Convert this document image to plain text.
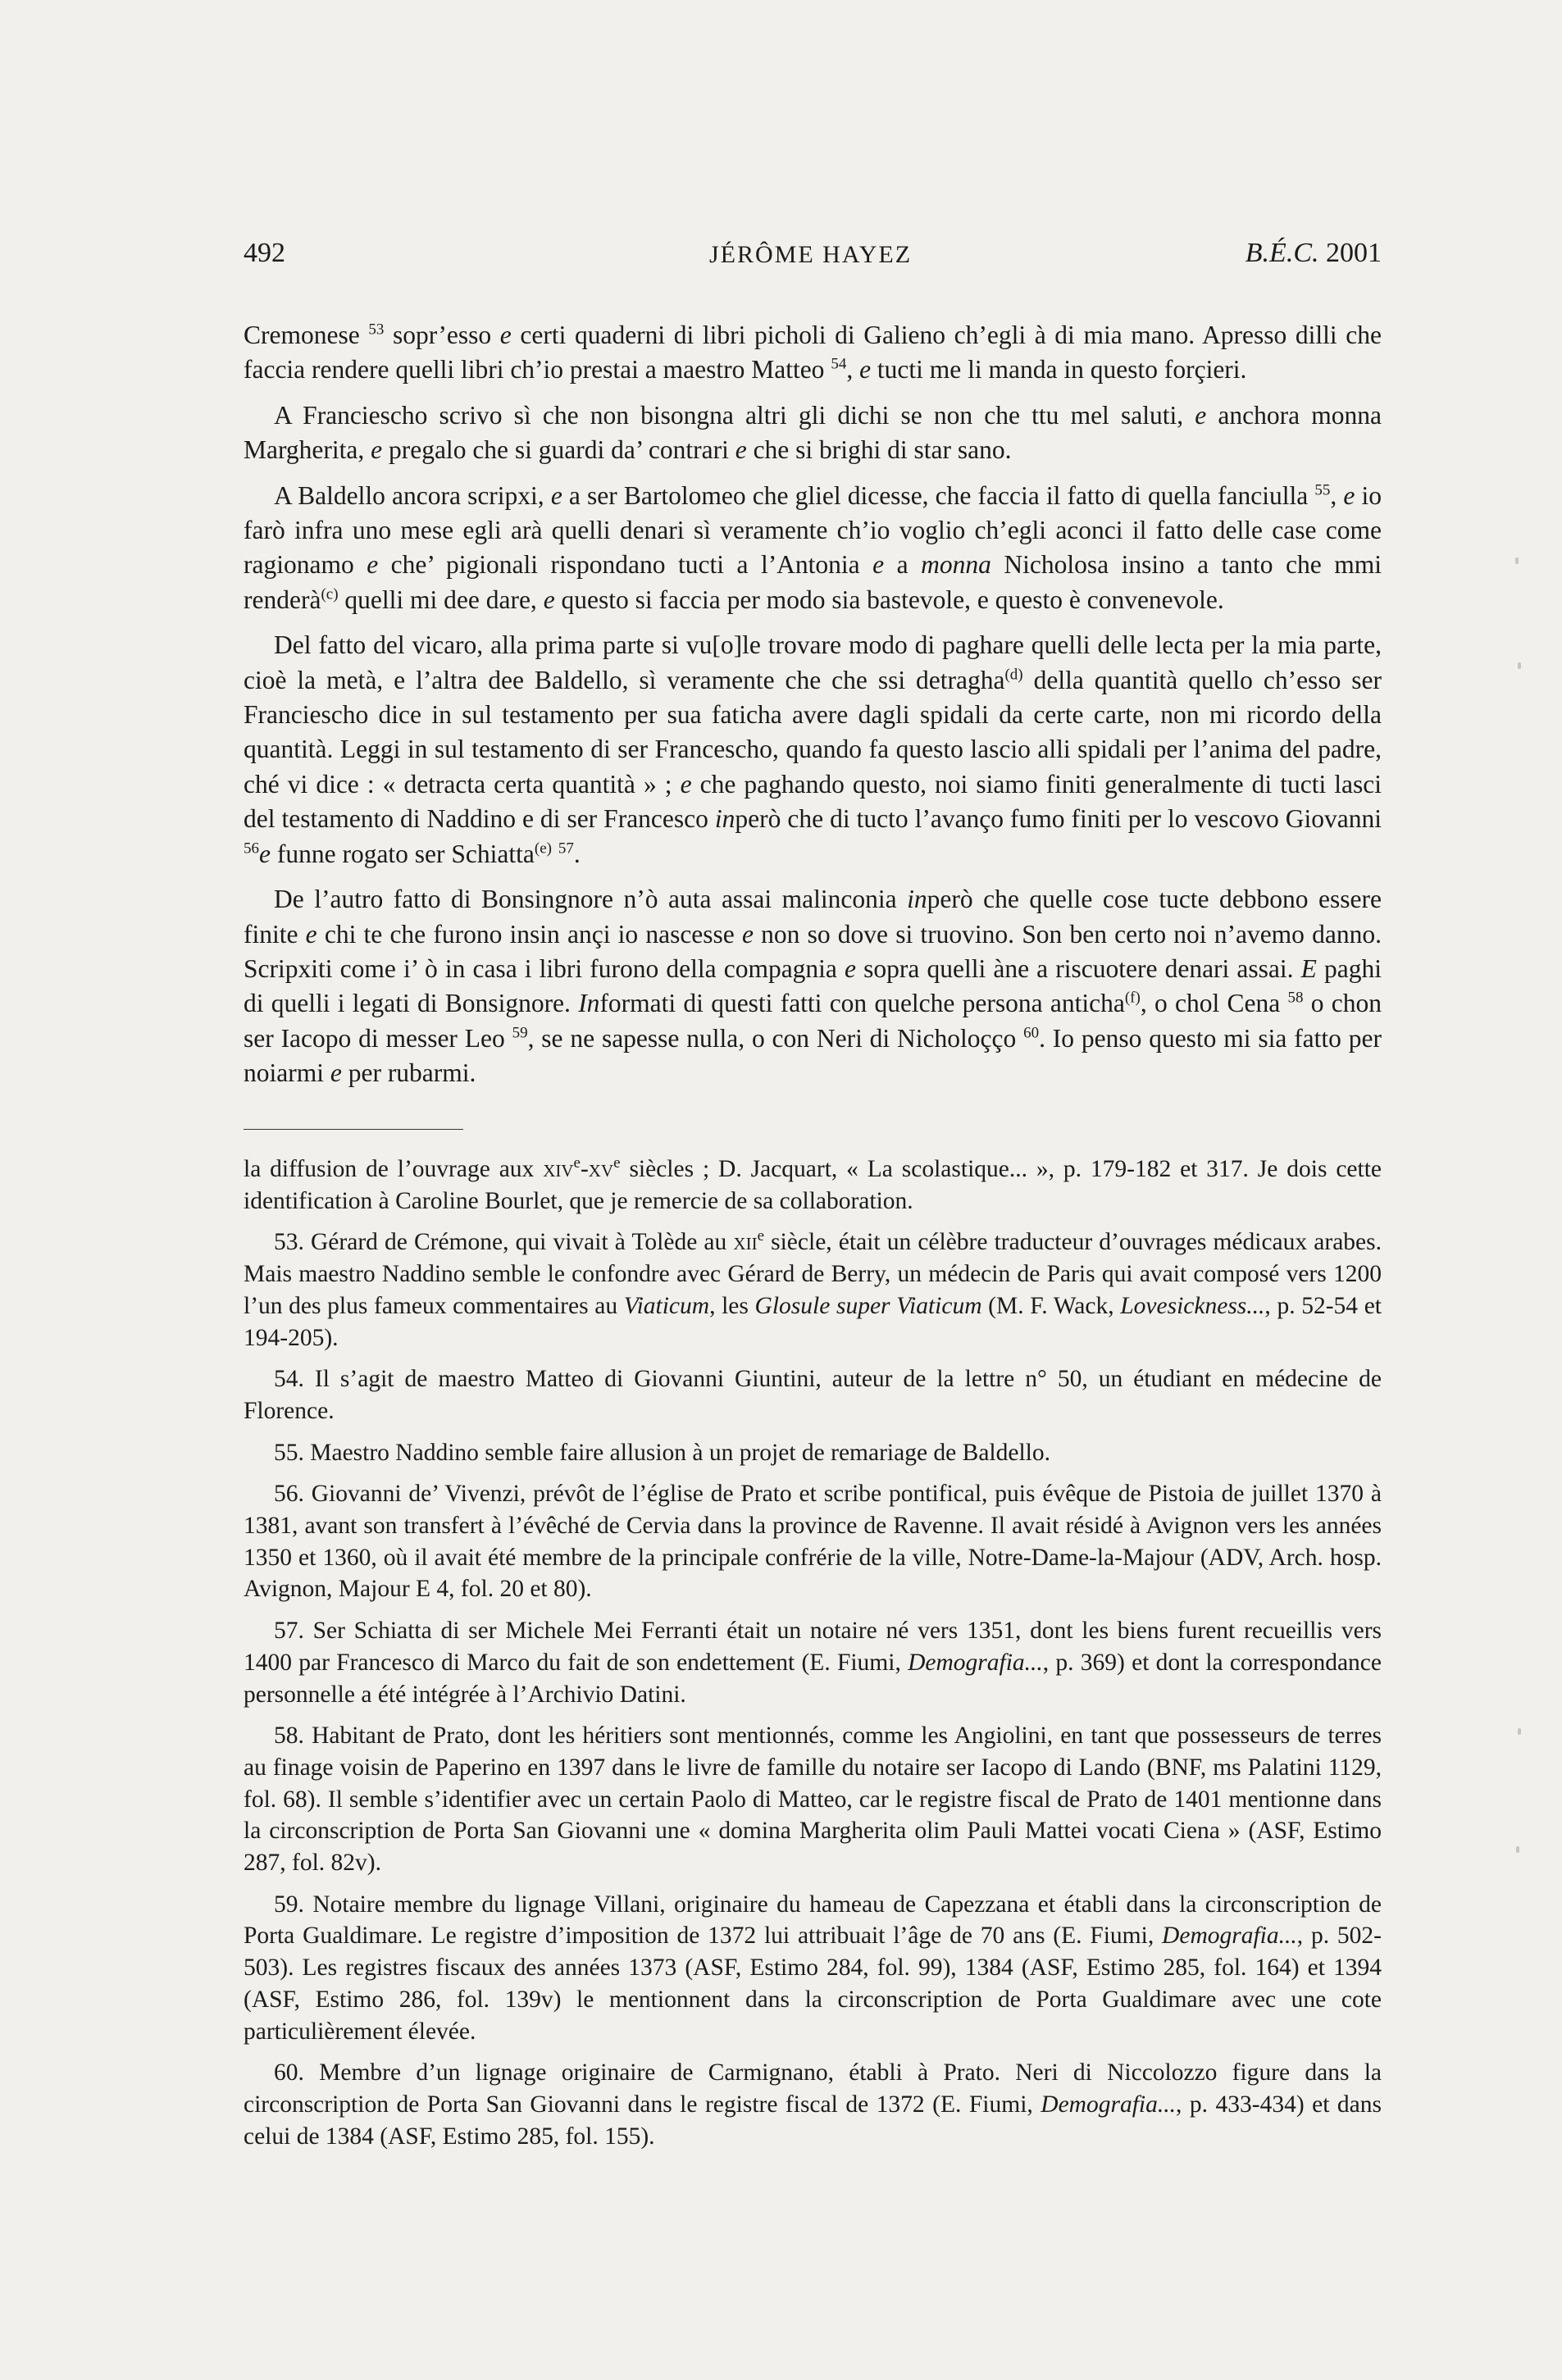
492	JÉRÔME HAYEZ	B.É.C. 2001

Cremonese $^{53}$ sopr’esso e certi quaderni di libri picholi di Galieno ch’egli à di mia mano. Apresso dilli che faccia rendere quelli libri ch’io prestai a maestro Matteo $^{54}$, e tucti me li manda in questo forçieri.

A Franciescho scrivo sì che non bisongna altri gli dichi se non che ttu mel saluti, e anchora monna Margherita, e pregalo che si guardi da’ contrari e che si brighi di star sano.

A Baldello ancora scripxi, e a ser Bartolomeo che gliel dicesse, che faccia il fatto di quella fanciulla $^{55}$, e io farò infra uno mese egli arà quelli denari sì veramente ch’io voglio ch’egli aconci il fatto delle case come ragionamo e che’ pigionali rispondano tucti a l’Antonia e a monna Nicholosa insino a tanto che mmi renderà$^{(c)}$ quelli mi dee dare, e questo si faccia per modo sia bastevole, e questo è convenevole.

Del fatto del vicaro, alla prima parte si vu[o]le trovare modo di paghare quelli delle lecta per la mia parte, cioè la metà, e l’altra dee Baldello, sì veramente che che ssi detragha$^{(d)}$ della quantità quello ch’esso ser Franciescho dice in sul testamento per sua faticha avere dagli spidali da certe carte, non mi ricordo della quantità. Leggi in sul testamento di ser Francescho, quando fa questo lascio alli spidali per l’anima del padre, ché vi dice : « detracta certa quantità » ; e che paghando questo, noi siamo finiti generalmente di tucti lasci del testamento di Naddino e di ser Francesco inperò che di tucto l’avanço fumo finiti per lo vescovo Giovanni $^{56}$e funne rogato ser Schiatta$^{(e)}$ $^{57}$.

De l’autro fatto di Bonsingnore n’ò auta assai malinconia inperò che quelle cose tucte debbono essere finite e chi te che furono insin ançi io nascesse e non so dove si truovino. Son ben certo noi n’avemo danno. Scripxiti come i’ ò in casa i libri furono della compagnia e sopra quelli àne a riscuotere denari assai. E paghi di quelli i legati di Bonsignore. Informati di questi fatti con quelche persona anticha$^{(f)}$, o chol Cena $^{58}$ o chon ser Iacopo di messer Leo $^{59}$, se ne sapesse nulla, o con Neri di Nicholoçço $^{60}$. Io penso questo mi sia fatto per noiarmi e per rubarmi.

la diffusion de l’ouvrage aux $xiv^e-xv^e$ siècles ; D. Jacquart, « La scolastique... », p. 179-182 et 317. Je dois cette identification à Caroline Bourlet, que je remercie de sa collaboration.

53. Gérard de Crémone, qui vivait à Tolède au xii$^e$ siècle, était un célèbre traducteur d’ouvrages médicaux arabes. Mais maestro Naddino semble le confondre avec Gérard de Berry, un médecin de Paris qui avait composé vers 1200 l’un des plus fameux commentaires au Viaticum, les Glosule super Viaticum (M. F. Wack, Lovesickness..., p. 52-54 et 194-205).

54. Il s’agit de maestro Matteo di Giovanni Giuntini, auteur de la lettre n° 50, un étudiant en médecine de Florence.

55. Maestro Naddino semble faire allusion à un projet de remariage de Baldello.

56. Giovanni de’ Vivenzi, prévôt de l’église de Prato et scribe pontifical, puis évêque de Pistoia de juillet 1370 à 1381, avant son transfert à l’évêché de Cervia dans la province de Ravenne. Il avait résidé à Avignon vers les années 1350 et 1360, où il avait été membre de la principale confrérie de la ville, Notre-Dame-la-Majour (ADV, Arch. hosp. Avignon, Majour E 4, fol. 20 et 80).

57. Ser Schiatta di ser Michele Mei Ferranti était un notaire né vers 1351, dont les biens furent recueillis vers 1400 par Francesco di Marco du fait de son endettement (E. Fiumi, Demografia..., p. 369) et dont la correspondance personnelle a été intégrée à l’Archivio Datini.

58. Habitant de Prato, dont les héritiers sont mentionnés, comme les Angiolini, en tant que possesseurs de terres au finage voisin de Paperino en 1397 dans le livre de famille du notaire ser Iacopo di Lando (BNF, ms Palatini 1129, fol. 68). Il semble s’identifier avec un certain Paolo di Matteo, car le registre fiscal de Prato de 1401 mentionne dans la circonscription de Porta San Giovanni une « domina Margherita olim Pauli Mattei vocati Ciena » (ASF, Estimo 287, fol. 82v).

59. Notaire membre du lignage Villani, originaire du hameau de Capezzana et établi dans la circonscription de Porta Gualdimare. Le registre d’imposition de 1372 lui attribuait l’âge de 70 ans (E. Fiumi, Demografia..., p. 502-503). Les registres fiscaux des années 1373 (ASF, Estimo 284, fol. 99), 1384 (ASF, Estimo 285, fol. 164) et 1394 (ASF, Estimo 286, fol. 139v) le mentionnent dans la circonscription de Porta Gualdimare avec une cote particulièrement élevée.

60. Membre d’un lignage originaire de Carmignano, établi à Prato. Neri di Niccolozzo figure dans la circonscription de Porta San Giovanni dans le registre fiscal de 1372 (E. Fiumi, Demografia..., p. 433-434) et dans celui de 1384 (ASF, Estimo 285, fol. 155).
